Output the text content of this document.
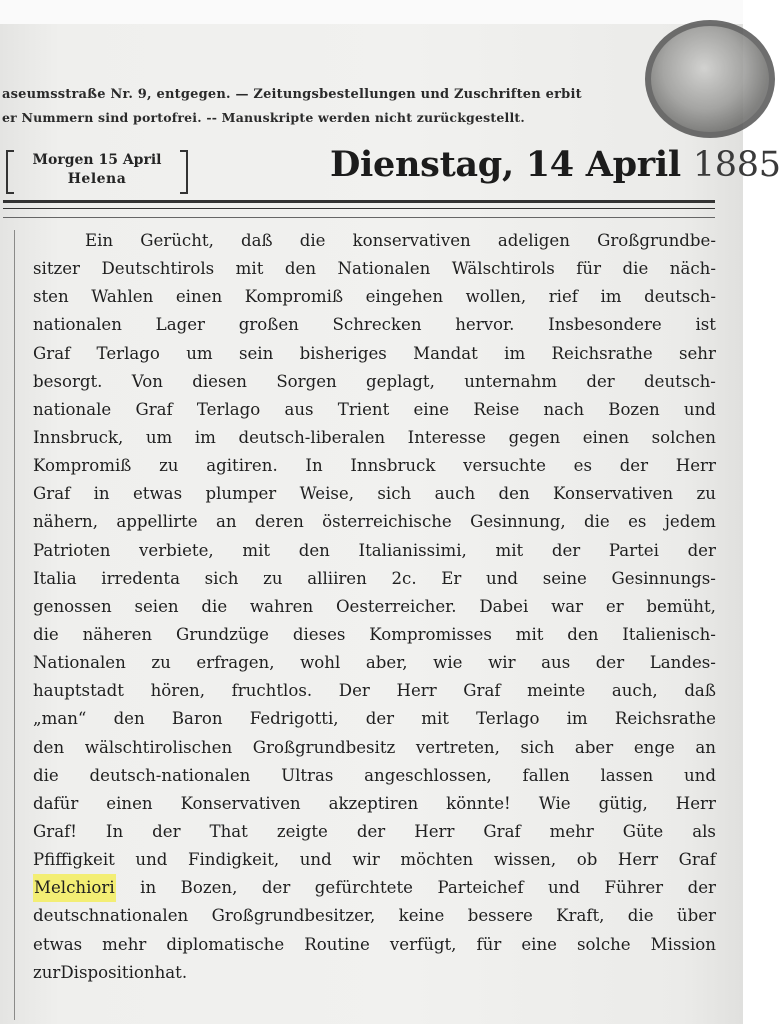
aseumsstraße Nr. 9, entgegen. — Zeitungsbestellungen und Zuschriften erbit
er Nummern sind portofrei. -- Manuskripte werden nicht zurückgestellt.
Morgen 15 April
Helena	Dienstag, 14 April 1885
Ein Gerücht, daß die konservativen adeligen Großgrundbe-
sitzer Deutschtirols mit den Nationalen Wälschtirols für die näch-
sten Wahlen einen Kompromiß eingehen wollen, rief im deutsch-
nationalen Lager großen Schrecken hervor. Insbesondere ist
Graf Terlago um sein bisheriges Mandat im Reichsrathe sehr
besorgt. Von diesen Sorgen geplagt, unternahm der deutsch-
nationale Graf Terlago aus Trient eine Reise nach Bozen und
Innsbruck, um im deutsch-liberalen Interesse gegen einen solchen
Kompromiß zu agitiren. In Innsbruck versuchte es der Herr
Graf in etwas plumper Weise, sich auch den Konservativen zu
nähern, appellirte an deren österreichische Gesinnung, die es jedem
Patrioten verbiete, mit den Italianissimi, mit der Partei der
Italia irredenta sich zu alliiren 2c. Er und seine Gesinnungs-
genossen seien die wahren Oesterreicher. Dabei war er bemüht,
die näheren Grundzüge dieses Kompromisses mit den Italienisch-
Nationalen zu erfragen, wohl aber, wie wir aus der Landes-
hauptstadt hören, fruchtlos. Der Herr Graf meinte auch, daß
„man“ den Baron Fedrigotti, der mit Terlago im Reichsrathe
den wälschtirolischen Großgrundbesitz vertreten, sich aber enge an
die deutsch-nationalen Ultras angeschlossen, fallen lassen und
dafür einen Konservativen akzeptiren könnte! Wie gütig, Herr
Graf! In der That zeigte der Herr Graf mehr Güte als
Pfiffigkeit und Findigkeit, und wir möchten wissen, ob Herr Graf
Melchiori in Bozen, der gefürchtete Parteichef und Führer der
deutschnationalen Großgrundbesitzer, keine bessere Kraft, die über
etwas mehr diplomatische Routine verfügt, für eine solche Mission
zurDispositionhat.
